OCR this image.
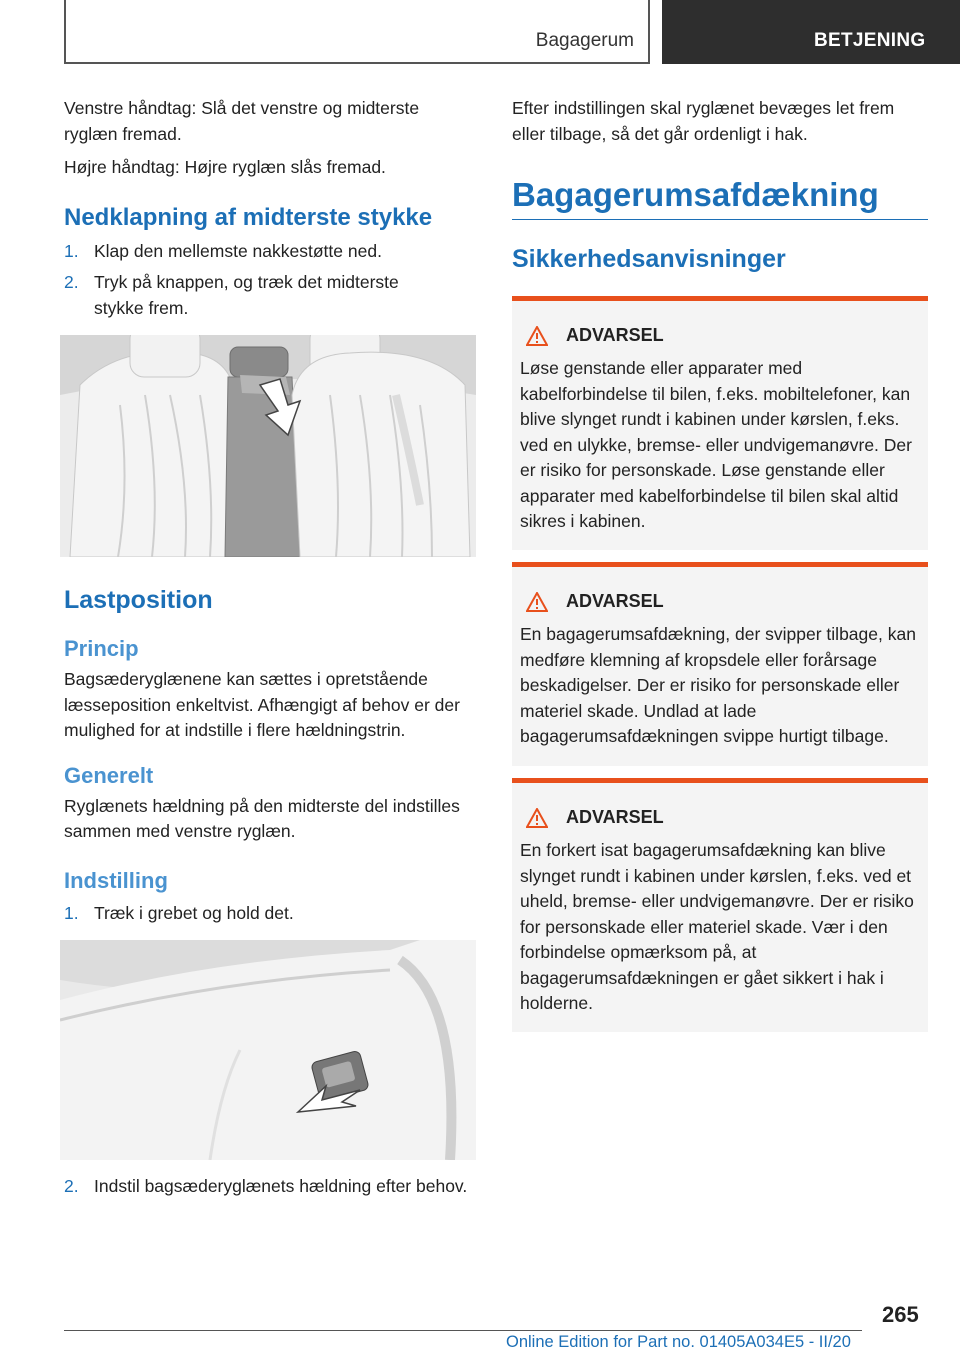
Bagagerum	BETJENING

Venstre håndtag: Slå det venstre og midterste ryglæn fremad.

Højre håndtag: Højre ryglæn slås fremad.

Nedklapning af midterste stykke
1. Klap den mellemste nakkestøtte ned.
2. Tryk på knappen, og træk det midterste stykke frem.
Lastposition
Princip

Bagsæderyglænene kan sættes i opretstående læsseposition enkeltvist. Afhængigt af behov er der mulighed for at indstille i flere hældningstrin.

Generelt

Ryglænets hældning på den midterste del indstilles sammen med venstre ryglæn.

Indstilling
1. Træk i grebet og hold det.
2. Indstil bagsæderyglænets hældning efter behov.

Efter indstillingen skal ryglænet bevæges let frem eller tilbage, så det går ordenligt i hak.

Bagagerumsafdækning
Sikkerhedsanvisninger
ADVARSEL

Løse genstande eller apparater med kabelforbindelse til bilen, f.eks. mobiltelefoner, kan blive slynget rundt i kabinen under kørslen, f.eks. ved en ulykke, bremse- eller undvigemanøvre. Der er risiko for personskade. Løse genstande eller apparater med kabelforbindelse til bilen skal altid sikres i kabinen.

ADVARSEL

En bagagerumsafdækning, der svipper tilbage, kan medføre klemning af kropsdele eller forårsage beskadigelser. Der er risiko for personskade eller materiel skade. Undlad at lade bagagerumsafdækningen svippe hurtigt tilbage.

ADVARSEL

En forkert isat bagagerumsafdækning kan blive slynget rundt i kabinen under kørslen, f.eks. ved et uheld, bremse- eller undvigemanøvre. Der er risiko for personskade eller materiel skade. Vær i den forbindelse opmærksom på, at bagagerumsafdækningen er gået sikkert i hak i holderne.

265
Online Edition for Part no. 01405A034E5 - II/20
